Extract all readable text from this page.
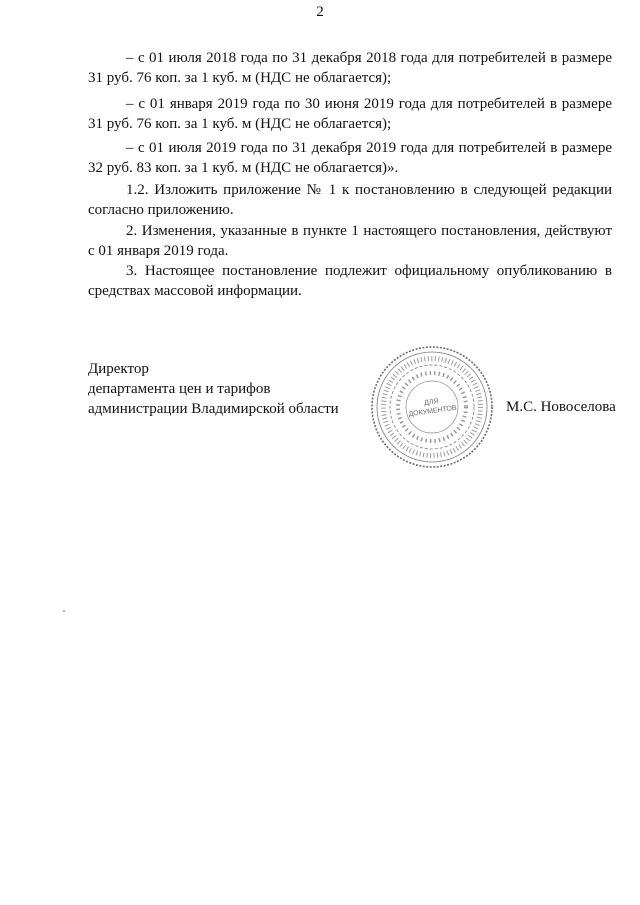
2

– с 01 июля 2018 года по 31 декабря 2018 года для потребителей в размере 31 руб. 76 коп. за 1 куб. м (НДС не облагается);

– с 01 января 2019 года по 30 июня 2019 года для потребителей в размере 31 руб. 76 коп. за 1 куб. м (НДС не облагается);

– с 01 июля 2019 года по 31 декабря 2019 года для потребителей в размере 32 руб. 83 коп. за 1 куб. м (НДС не облагается)».

1.2. Изложить приложение № 1 к постановлению в следующей редакции согласно приложению.

2. Изменения, указанные в пункте 1 настоящего постановления, действуют с 01 января 2019 года.

3. Настоящее постановление подлежит официальному опубликованию в средствах массовой информации.

Директор
департамента цен и тарифов
администрации Владимирской области	ДЛЯ
ДОКУМЕНТОВ	М.С. Новоселова
